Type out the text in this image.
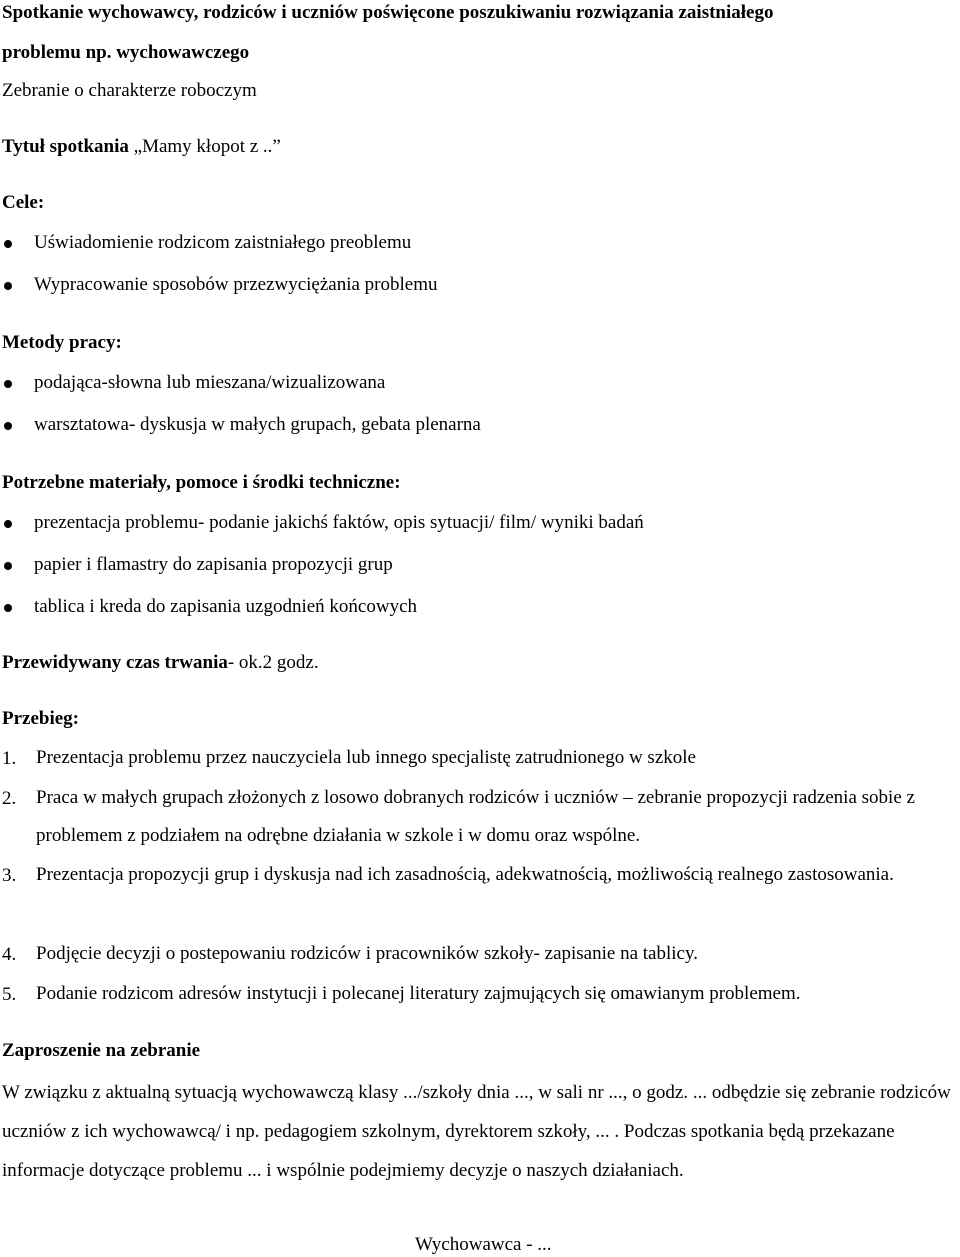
Spotkanie wychowawcy, rodziców i uczniów poświęcone poszukiwaniu rozwiązania zaistniałego
problemu np. wychowawczego
Zebranie o charakterze roboczym
Tytuł spotkania „Mamy kłopot z ..”
Cele:
Uświadomienie rodzicom zaistniałego preoblemu
Wypracowanie sposobów przezwyciężania problemu
Metody pracy:
podająca-słowna lub mieszana/wizualizowana
warsztatowa- dyskusja w małych grupach, gebata plenarna
Potrzebne materiały, pomoce i środki techniczne:
prezentacja problemu- podanie jakichś faktów, opis sytuacji/ film/ wyniki badań
papier i flamastry do zapisania propozycji grup
tablica i kreda do zapisania uzgodnień końcowych
Przewidywany czas trwania- ok.2 godz.
Przebieg:
1. Prezentacja problemu przez nauczyciela lub innego specjalistę zatrudnionego w szkole
2. Praca w małych grupach złożonych z losowo dobranych rodziców i uczniów – zebranie propozycji radzenia sobie z problemem z podziałem na odrębne działania w szkole i w domu oraz wspólne.
3. Prezentacja propozycji grup i dyskusja nad ich zasadnością, adekwatnością, możliwością realnego zastosowania.
4. Podjęcie decyzji o postepowaniu rodziców i pracowników szkoły- zapisanie na tablicy.
5. Podanie rodzicom adresów instytucji i polecanej literatury zajmujących się omawianym problemem.
Zaproszenie na zebranie
W związku z aktualną sytuacją wychowawczą klasy .../szkoły dnia ..., w sali nr ..., o godz. ... odbędzie się zebranie rodziców uczniów z ich wychowawcą/ i np. pedagogiem szkolnym, dyrektorem szkoły, ... . Podczas spotkania będą przekazane informacje dotyczące problemu ... i wspólnie podejmiemy decyzje o naszych działaniach.
Wychowawca - ...
